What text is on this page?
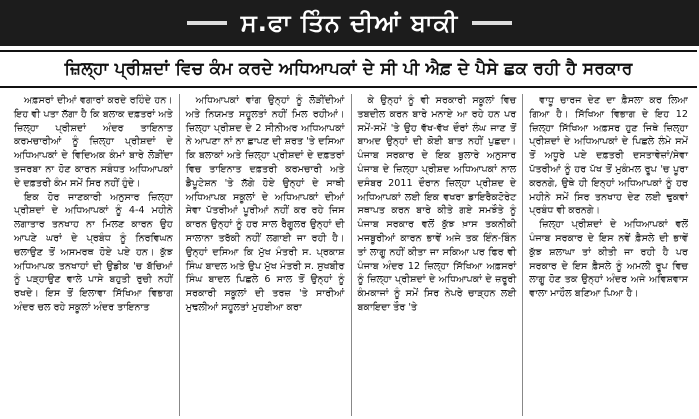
ਸ.ਫਾ ਤਿੰਨ ਦੀਆਂ ਬਾਕੀ
ਜ਼ਿਲ੍ਹਾ ਪ੍ਰੀਸ਼ਦਾਂ ਵਿਚ ਕੰਮ ਕਰਦੇ ਅਧਿਆਪਕਾਂ ਦੇ ਸੀ ਪੀ ਐਫ਼ ਦੇ ਪੈਸੇ ਛਕ ਰਹੀ ਹੈ ਸਰਕਾਰ

ਅਫ਼ਸਰਾਂ ਦੀਆਂ ਵਗਾਰਾਂ ਕਰਦੇ ਰਹਿੰਦੇ ਹਨ। ਇਹ ਵੀ ਪਤਾ ਲੱਗਾ ਹੈ ਕਿ ਬਲਾਕ ਦਫ਼ਤਰਾਂ ਅਤੇ ਜ਼ਿਲ੍ਹਾ ਪ੍ਰੀਸ਼ਦਾਂ ਅੰਦਰ ਤਾਇਨਾਤ ਕਰਮਚਾਰੀਆਂ ਨੂੰ ਜ਼ਿਲ੍ਹਾ ਪ੍ਰੀਸ਼ਦਾਂ ਦੇ ਅਧਿਆਪਕਾਂ ਦੇ ਵਿਦਿਅਕ ਕੰਮਾਂ ਬਾਰੇ ਲੋੜੀਂਦਾ ਤਜਰਬਾ ਨਾ ਹੋਣ ਕਾਰਨ ਸਬੰਧਤ ਅਧਿਆਪਕਾਂ ਦੇ ਦਫ਼ਤਰੀ ਕੰਮ ਸਮੇਂ ਸਿਰ ਨਹੀਂ ਹੁੰਦੇ।

ਇਕ ਹੋਰ ਜਾਣਕਾਰੀ ਅਨੁਸਾਰ ਜ਼ਿਲ੍ਹਾ ਪ੍ਰੀਸ਼ਦਾਂ ਦੇ ਅਧਿਆਪਕਾਂ ਨੂੰ 4-4 ਮਹੀਨੇ ਲਗਾਤਾਰ ਤਨਖਾਹ ਨਾ ਮਿਲਣ ਕਾਰਨ ਉਹ ਆਪਣੇ ਘਰਾਂ ਦੇ ਪ੍ਰਬੰਧ ਨੂੰ ਨਿਰਵਿਘਨ ਚਲਾਉਣ ਤੋਂ ਅਸਮਰਥ ਹੋਏ ਪਏ ਹਨ। ਕੁੱਝ ਅਧਿਆਪਕ ਤਨਖਾਹਾਂ ਦੀ ਉਡੀਕ 'ਚ ਬੱਚਿਆਂ ਨੂੰ ਪੜ੍ਹਾਉਣ ਵਾਲੇ ਪਾਸੇ ਬਹੁਤੀ ਰੁਚੀ ਨਹੀਂ ਰਖਦੇ। ਇਸ ਤੋਂ ਇਲਾਵਾ ਸਿੱਖਿਆ ਵਿਭਾਗ ਅੰਦਰ ਚਲ ਰਹੇ ਸਕੂਲਾਂ ਅੰਦਰ ਤਾਇਨਾਤ

ਅਧਿਆਪਕਾਂ ਵਾਂਗ ਉਨ੍ਹਾਂ ਨੂੰ ਲੋੜੀਂਦੀਆਂ ਅਤੇ ਨਿਯਮਤ ਸਹੂਲਤਾਂ ਨਹੀਂ ਮਿਲ ਰਹੀਆਂ। ਜ਼ਿਲ੍ਹਾ ਪ੍ਰੀਸ਼ਦ ਦੇ 2 ਸੀਨੀਅਰ ਅਧਿਆਪਕਾਂ ਨੇ ਆਪਣਾ ਨਾਂ ਨਾ ਛਾਪਣ ਦੀ ਸ਼ਰਤ 'ਤੇ ਦਸਿਆ ਕਿ ਬਲਾਕਾਂ ਅਤੇ ਜ਼ਿਲ੍ਹਾ ਪ੍ਰੀਸ਼ਦਾਂ ਦੇ ਦਫ਼ਤਰਾਂ ਵਿਚ ਤਾਇਨਾਤ ਦਫ਼ਤਰੀ ਕਰਮਚਾਰੀ ਅਤੇ ਡੈਪੂਟੇਸ਼ਨ 'ਤੇ ਲੱਗੇ ਹੋਏ ਉਨ੍ਹਾਂ ਦੇ ਸਾਥੀ ਅਧਿਆਪਕ ਸਕੂਲਾਂ ਦੇ ਅਧਿਆਪਕਾਂ ਦੀਆਂ ਸੇਵਾ ਪੱਤਰੀਆਂ ਪੂਰੀਆਂ ਨਹੀਂ ਕਰ ਰਹੇ ਜਿਸ ਕਾਰਨ ਉਨ੍ਹਾਂ ਨੂੰ ਹਰ ਸਾਲ ਰੈਗੂਲਰ ਉਨ੍ਹਾਂ ਦੀ ਸਾਲਾਨਾ ਤਰੱਕੀ ਨਹੀਂ ਲਗਾਈ ਜਾ ਰਹੀ ਹੈ। ਉਨ੍ਹਾਂ ਦਸਿਆ ਕਿ ਮੁੱਖ ਮੰਤਰੀ ਸ. ਪ੍ਰਕਾਸ਼ ਸਿੰਘ ਬਾਦਲ ਅਤੇ ਉਪ ਮੁੱਖ ਮੰਤਰੀ ਸ. ਸੁਖਬੀਰ ਸਿੰਘ ਬਾਦਲ ਪਿਛਲੇ 6 ਸਾਲ ਤੋਂ ਉਨ੍ਹਾਂ ਨੂੰ ਸਰਕਾਰੀ ਸਕੂਲਾਂ ਦੀ ਤਰਜ਼ 'ਤੇ ਸਾਰੀਆਂ ਮੁਢਲੀਆਂ ਸਹੂਲਤਾਂ ਮੁਹਈਆ ਕਰਾ

ਕੇ ਉਨ੍ਹਾਂ ਨੂੰ ਵੀ ਸਰਕਾਰੀ ਸਕੂਲਾਂ ਵਿਚ ਤਬਦੀਲ ਕਰਨ ਬਾਰੇ ਮਨਾਏ ਆ ਰਹੇ ਹਨ ਪਰ ਸਮੇਂ-ਸਮੇਂ 'ਤੇ ਉਹ ਵੱਖ-ਵੱਖ ਦੌਰਾਂ ਲੰਘ ਜਾਣ ਤੋਂ ਬਾਅਦ ਉਨ੍ਹਾਂ ਦੀ ਕੋਈ ਬਾਤ ਨਹੀਂ ਪੁਛਦਾ। ਪੰਜਾਬ ਸਰਕਾਰ ਦੇ ਇਕ ਬੁਲਾਰੇ ਅਨੁਸਾਰ ਪੰਜਾਬ ਦੇ ਜ਼ਿਲ੍ਹਾ ਪ੍ਰੀਸ਼ਦ ਅਧਿਆਪਕਾਂ ਨਾਲ ਦਸੰਬਰ 2011 ਦੌਰਾਨ ਜ਼ਿਲ੍ਹਾ ਪ੍ਰੀਸ਼ਦ ਦੇ ਅਧਿਆਪਕਾਂ ਲਈ ਇਕ ਵਖਰਾ ਡਾਇਰੈਕਟੋਰੇਟ ਸਥਾਪਤ ਕਰਨ ਬਾਰੇ ਕੀਤੇ ਗਏ ਸਮਝੌਤੇ ਨੂੰ ਪੰਜਾਬ ਸਰਕਾਰ ਵਲੋਂ ਕੁੱਝ ਖ਼ਾਸ ਤਕਨੀਕੀ ਮਜਬੂਰੀਆਂ ਕਾਰਨ ਭਾਵੇਂ ਅਜੇ ਤਕ ਇੰਨ-ਬਿੰਨ ਤਾਂ ਲਾਗੂ ਨਹੀਂ ਕੀਤਾ ਜਾ ਸਕਿਆ ਪਰ ਫਿਰ ਵੀ ਪੰਜਾਬ ਅੰਦਰ 12 ਜ਼ਿਲ੍ਹਾ ਸਿੱਖਿਆ ਅਫ਼ਸਰਾਂ ਨੂੰ ਜ਼ਿਲ੍ਹਾ ਪ੍ਰੀਸ਼ਦਾਂ ਦੇ ਅਧਿਆਪਕਾਂ ਦੇ ਜ਼ਰੂਰੀ ਕੰਮਕਾਜਾਂ ਨੂੰ ਸਮੇਂ ਸਿਰ ਨੇਪਰੇ ਚਾੜ੍ਹਨ ਲਈ ਬਕਾਇਦਾ ਤੌਰ 'ਤੇ

ਵਾਧੂ ਚਾਰਜ ਦੇਣ ਦਾ ਫ਼ੈਸਲਾ ਕਰ ਲਿਆ ਗਿਆ ਹੈ। ਸਿੱਖਿਆ ਵਿਭਾਗ ਦੇ ਇਹ 12 ਜ਼ਿਲ੍ਹਾ ਸਿੱਖਿਆ ਅਫ਼ਸਰ ਹੁਣ ਜਿਥੇ ਜ਼ਿਲ੍ਹਾ ਪ੍ਰੀਸ਼ਦਾਂ ਦੇ ਅਧਿਆਪਕਾਂ ਦੇ ਪਿਛਲੇ ਲੰਮੇ ਸਮੇਂ ਤੋਂ ਅਧੂਰੇ ਪਏ ਦਫ਼ਤਰੀ ਦਸਤਾਵੇਜ਼ਾਂ/ਸੇਵਾ ਪੱਤਰੀਆਂ ਨੂੰ ਹਰ ਪੱਖ ਤੋਂ ਮੁਕੰਮਲ ਰੂਪ 'ਚ ਪੂਰਾ ਕਰਨਗੇ, ਉਥੇ ਹੀ ਇਨ੍ਹਾਂ ਅਧਿਆਪਕਾਂ ਨੂੰ ਹਰ ਮਹੀਨੇ ਸਮੇਂ ਸਿਰ ਤਨਖਾਹ ਦੇਣ ਲਈ ਢੁਕਵਾਂ ਪ੍ਰਬੰਧ ਵੀ ਕਰਨਗੇ।

ਜ਼ਿਲ੍ਹਾ ਪ੍ਰੀਸ਼ਦਾਂ ਦੇ ਅਧਿਆਪਕਾਂ ਵਲੋਂ ਪੰਜਾਬ ਸਰਕਾਰ ਦੇ ਇਸ ਨਵੇਂ ਫ਼ੈਸਲੇ ਦੀ ਭਾਵੇਂ ਕੁੱਝ ਸ਼ਲਾਘਾ ਤਾਂ ਕੀਤੀ ਜਾ ਰਹੀ ਹੈ ਪਰ ਸਰਕਾਰ ਦੇ ਇਸ ਫ਼ੈਸਲੇ ਨੂੰ ਅਮਲੀ ਰੂਪ ਵਿਚ ਲਾਗੂ ਹੋਣ ਤਕ ਉਨ੍ਹਾਂ ਅੰਦਰ ਅਜੇ ਅਵਿਸ਼ਵਾਸ ਵਾਲਾ ਮਾਹੌਲ ਬਣਿਆ ਪਿਆ ਹੈ।
